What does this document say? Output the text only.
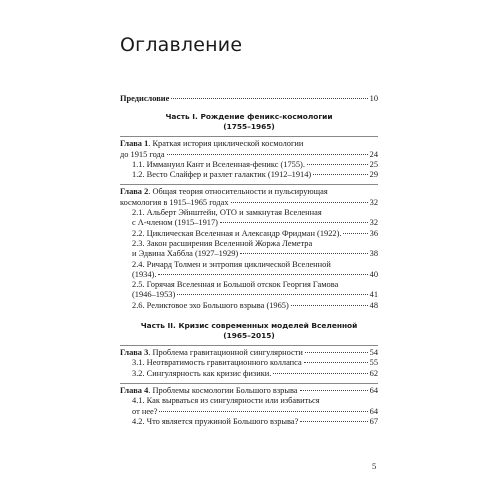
Оглавление
Предисловие	10
Часть I. Рождение феникс-космологии
(1755–1965)
Глава 1. Краткая история циклической космологии
до 1915 года	24
1.1. Иммануил Кант и Вселенная-феникс (1755).	25
1.2. Весто Слайфер и разлет галактик (1912–1914)	29
Глава 2. Общая теория относительности и пульсирующая
космология в 1915–1965 годах	32
2.1. Альберт Эйнштейн, ОТО и замкнутая Вселенная
с Λ-членом (1915–1917)	32
2.2. Циклическая Вселенная и Александр Фридман (1922).	36
2.3. Закон расширения Вселенной Жоржа Леметра
и Эдвина Хаббла (1927–1929)	38
2.4. Ричард Толмен и энтропия циклической Вселенной
(1934).	40
2.5. Горячая Вселенная и Большой отскок Георгия Гамова
(1946–1953)	41
2.6. Реликтовое эхо Большого взрыва (1965)	48
Часть II. Кризис современных моделей Вселенной
(1965–2015)
Глава 3. Проблема гравитационной сингулярности	54
3.1. Неотвратимость гравитационного коллапса	55
3.2. Сингулярность как кризис физики.	62
Глава 4. Проблемы космологии Большого взрыва	64
4.1. Как вырваться из сингулярности или избавиться
от нее?	64
4.2. Что является пружиной Большого взрыва?	67
5
